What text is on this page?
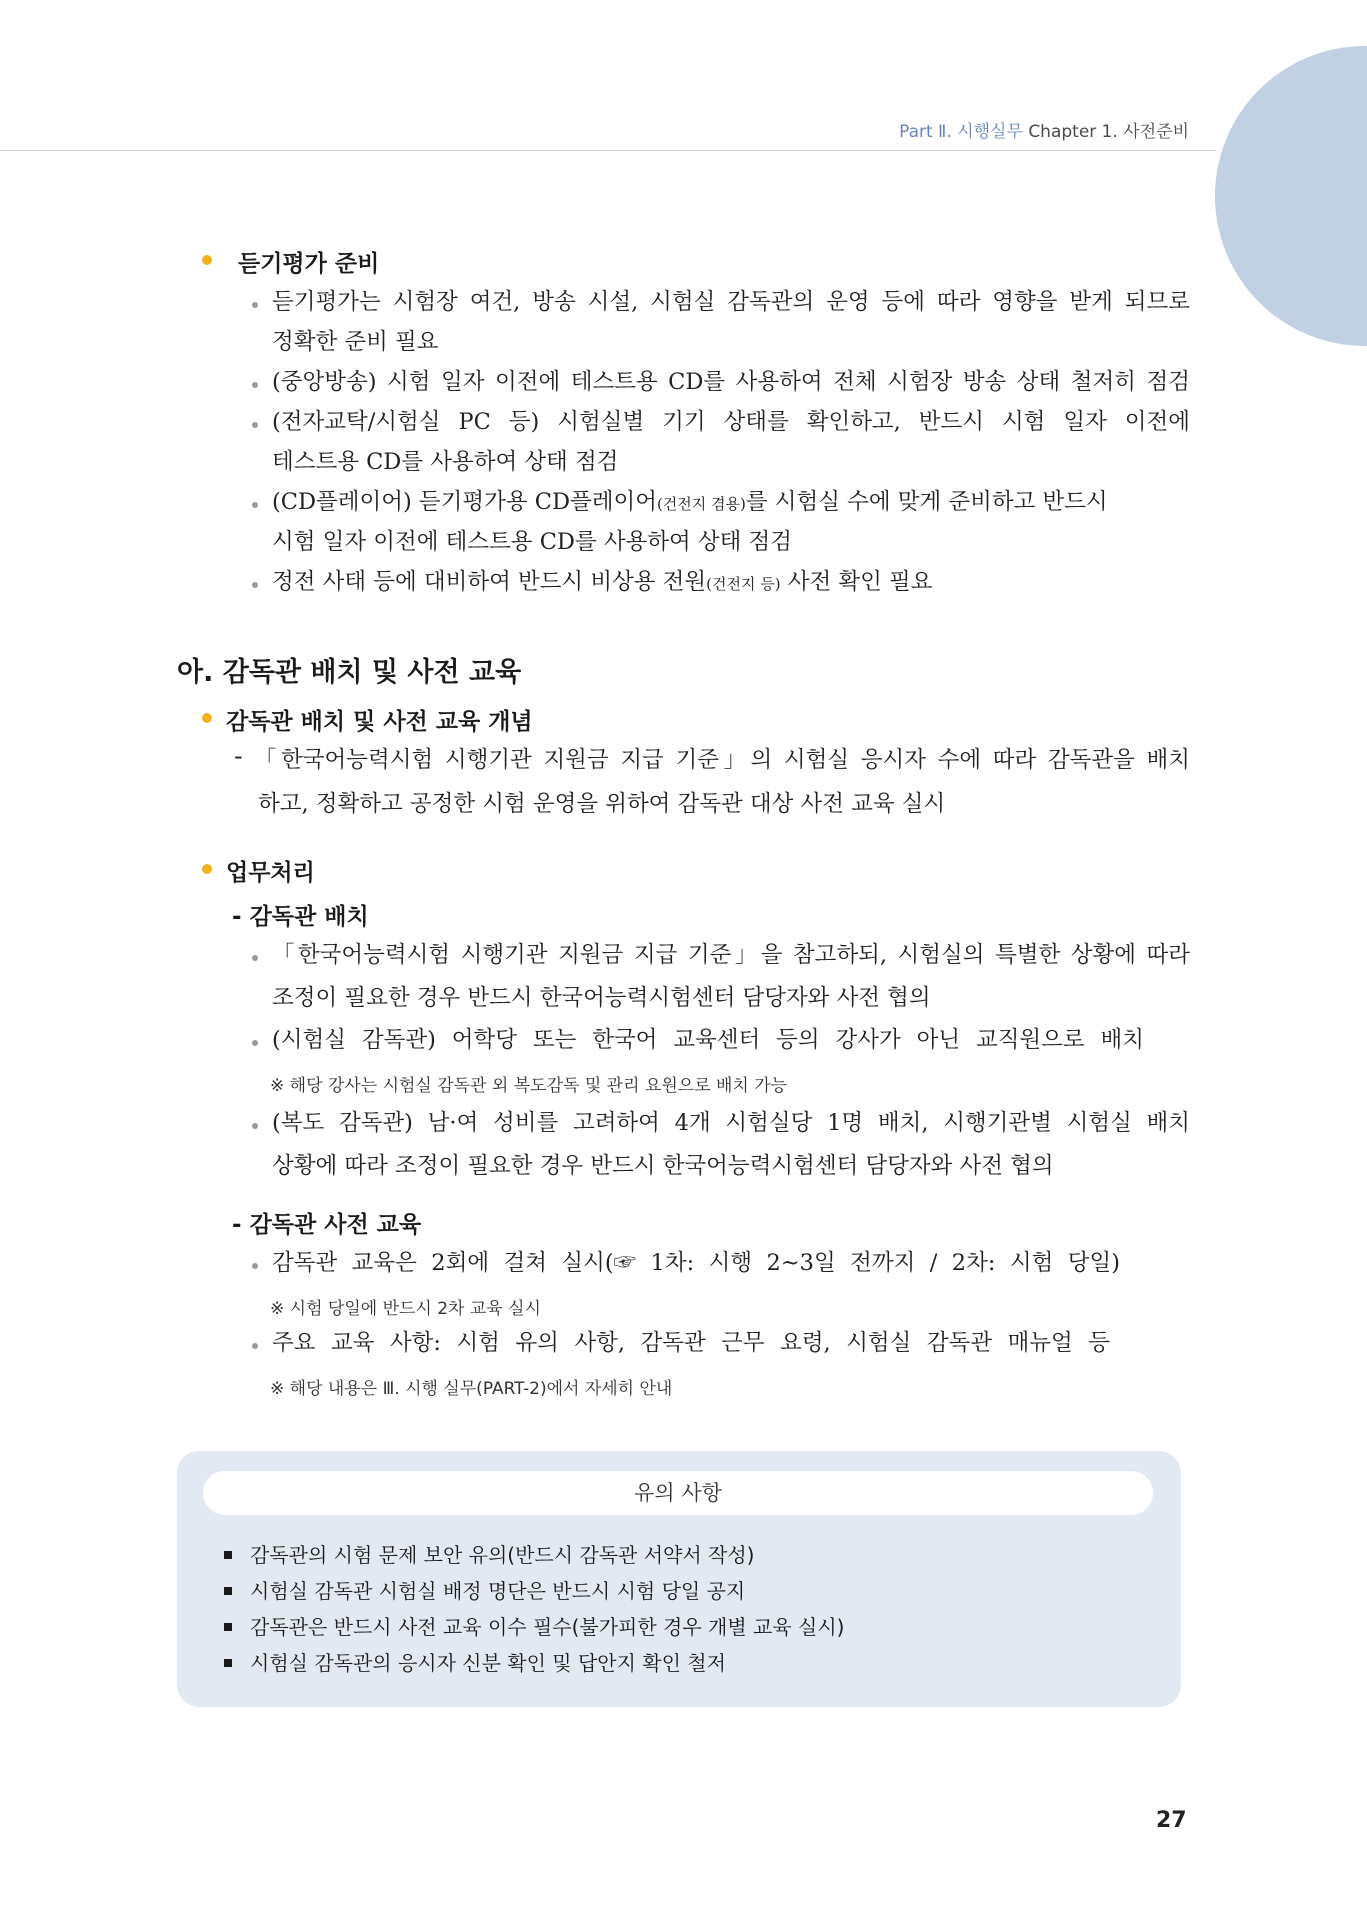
Part Ⅱ. 시행실무 Chapter 1. 사전준비
듣기평가 준비
듣기평가는 시험장 여건, 방송 시설, 시험실 감독관의 운영 등에 따라 영향을 받게 되므로
정확한 준비 필요
(중앙방송) 시험 일자 이전에 테스트용 CD를 사용하여 전체 시험장 방송 상태 철저히 점검
(전자교탁/시험실 PC 등) 시험실별 기기 상태를 확인하고, 반드시 시험 일자 이전에
테스트용 CD를 사용하여 상태 점검
(CD플레이어) 듣기평가용 CD플레이어(건전지 겸용)를 시험실 수에 맞게 준비하고 반드시
시험 일자 이전에 테스트용 CD를 사용하여 상태 점검
정전 사태 등에 대비하여 반드시 비상용 전원(건전지 등) 사전 확인 필요
아. 감독관 배치 및 사전 교육
감독관 배치 및 사전 교육 개념
- 「한국어능력시험 시행기관 지원금 지급 기준」의 시험실 응시자 수에 따라 감독관을 배치
하고, 정확하고 공정한 시험 운영을 위하여 감독관 대상 사전 교육 실시
업무처리
- 감독관 배치
「한국어능력시험 시행기관 지원금 지급 기준」을 참고하되, 시험실의 특별한 상황에 따라
조정이 필요한 경우 반드시 한국어능력시험센터 담당자와 사전 협의
(시험실 감독관) 어학당 또는 한국어 교육센터 등의 강사가 아닌 교직원으로 배치
※ 해당 강사는 시험실 감독관 외 복도감독 및 관리 요원으로 배치 가능
(복도 감독관) 남·여 성비를 고려하여 4개 시험실당 1명 배치, 시행기관별 시험실 배치
상황에 따라 조정이 필요한 경우 반드시 한국어능력시험센터 담당자와 사전 협의
- 감독관 사전 교육
감독관 교육은 2회에 걸쳐 실시(☞ 1차: 시행 2~3일 전까지 / 2차: 시험 당일)
※ 시험 당일에 반드시 2차 교육 실시
주요 교육 사항: 시험 유의 사항, 감독관 근무 요령, 시험실 감독관 매뉴얼 등
※ 해당 내용은 Ⅲ. 시행 실무(PART-2)에서 자세히 안내
유의 사항
감독관의 시험 문제 보안 유의(반드시 감독관 서약서 작성)
시험실 감독관 시험실 배정 명단은 반드시 시험 당일 공지
감독관은 반드시 사전 교육 이수 필수(불가피한 경우 개별 교육 실시)
시험실 감독관의 응시자 신분 확인 및 답안지 확인 철저
27
